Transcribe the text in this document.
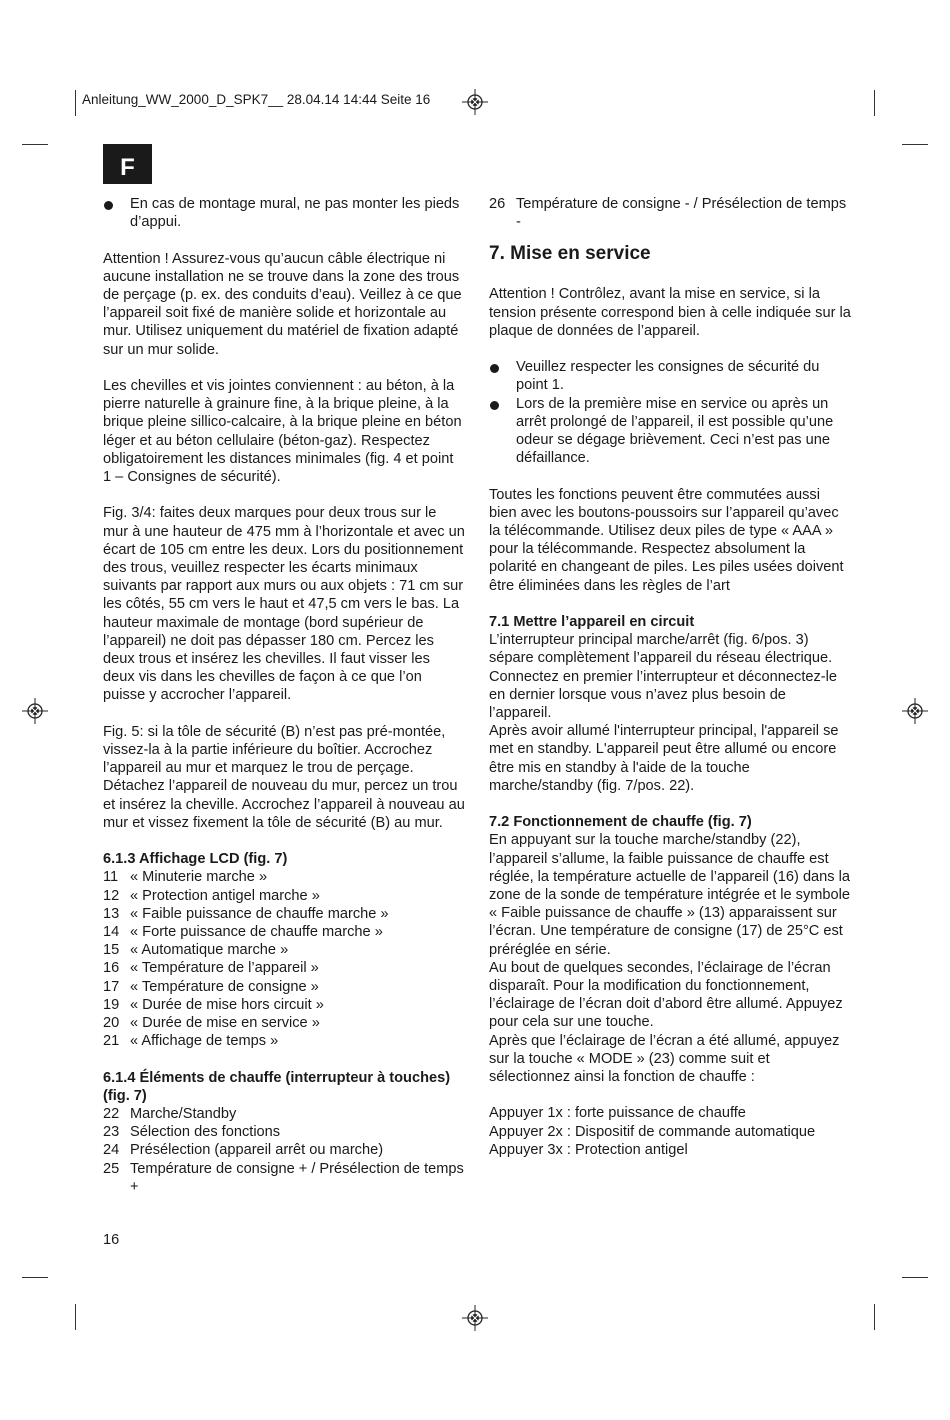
Anleitung_WW_2000_D_SPK7__ 28.04.14 14:44 Seite 16
F

En cas de montage mural, ne pas monter les pieds d’appui.

Attention ! Assurez-vous qu’aucun câble électrique ni aucune installation ne se trouve dans la zone des trous de perçage (p. ex. des conduits d’eau). Veillez à ce que l’appareil soit fixé de manière solide et horizontale au mur. Utilisez uniquement du matériel de fixation adapté sur un mur solide.

Les chevilles et vis jointes conviennent : au béton, à la pierre naturelle à grainure fine, à la brique pleine, à la brique pleine sillico-calcaire, à la brique pleine en béton léger et au béton cellulaire (béton-gaz). Respectez obligatoirement les distances minimales (fig. 4 et point 1 – Consignes de sécurité).

Fig. 3/4: faites deux marques pour deux trous sur le mur à une hauteur de 475 mm à l’horizontale et avec un écart de 105 cm entre les deux. Lors du positionnement des trous, veuillez respecter les écarts minimaux suivants par rapport aux murs ou aux objets : 71 cm sur les côtés, 55 cm vers le haut et 47,5 cm vers le bas. La hauteur maximale de montage (bord supérieur de l’appareil) ne doit pas dépasser 180 cm. Percez les deux trous et insérez les chevilles. Il faut visser les deux vis dans les chevilles de façon à ce que l’on puisse y accrocher l’appareil.

Fig. 5: si la tôle de sécurité (B) n’est pas pré-montée, vissez-la à la partie inférieure du boîtier. Accrochez l’appareil au mur et marquez le trou de perçage. Détachez l’appareil de nouveau du mur, percez un trou et insérez la cheville. Accrochez l’appareil à nouveau au mur et vissez fixement la tôle de sécurité (B) au mur.

6.1.3 Affichage LCD (fig. 7)

11 « Minuterie marche »
12 « Protection antigel marche »
13 « Faible puissance de chauffe marche »
14 « Forte puissance de chauffe marche »
15 « Automatique marche »
16 « Température de l’appareil »
17 « Température de consigne »
19 « Durée de mise hors circuit »
20 « Durée de mise en service »
21 « Affichage de temps »

6.1.4 Éléments de chauffe (interrupteur à touches) (fig. 7)

22 Marche/Standby
23 Sélection des fonctions
24 Présélection (appareil arrêt ou marche)
25 Température de consigne + / Présélection de temps +
26 Température de consigne - / Présélection de temps -
7. Mise en service

Attention ! Contrôlez, avant la mise en service, si la tension présente correspond bien à celle indiquée sur la plaque de données de l’appareil.

Veuillez respecter les consignes de sécurité du point 1.

Lors de la première mise en service ou après un arrêt prolongé de l’appareil, il est possible qu’une odeur se dégage brièvement. Ceci n’est pas une défaillance.

Toutes les fonctions peuvent être commutées aussi bien avec les boutons-poussoirs sur l’appareil qu’avec la télécommande. Utilisez deux piles de type « AAA » pour la télécommande. Respectez absolument la polarité en changeant de piles. Les piles usées doivent être éliminées dans les règles de l’art

7.1 Mettre l’appareil en circuit

L’interrupteur principal marche/arrêt (fig. 6/pos. 3) sépare complètement l’appareil du réseau électrique. Connectez en premier l’interrupteur et déconnectez-le en dernier lorsque vous n’avez plus besoin de l’appareil.

Après avoir allumé l'interrupteur principal, l'appareil se met en standby. L'appareil peut être allumé ou encore être mis en standby à l'aide de la touche marche/standby (fig. 7/pos. 22).

7.2 Fonctionnement de chauffe (fig. 7)

En appuyant sur la touche marche/standby (22), l’appareil s’allume, la faible puissance de chauffe est réglée, la température actuelle de l’appareil (16) dans la zone de la sonde de température intégrée et le symbole « Faible puissance de chauffe » (13) apparaissent sur l’écran. Une température de consigne (17) de 25°C est préréglée en série.

Au bout de quelques secondes, l’éclairage de l’écran disparaît. Pour la modification du fonctionnement, l’éclairage de l’écran doit d’abord être allumé. Appuyez pour cela sur une touche.

Après que l’éclairage de l’écran a été allumé, appuyez sur la touche « MODE » (23) comme suit et sélectionnez ainsi la fonction de chauffe :

Appuyer 1x : forte puissance de chauffe

Appuyer 2x : Dispositif de commande automatique

Appuyer 3x : Protection antigel

16
